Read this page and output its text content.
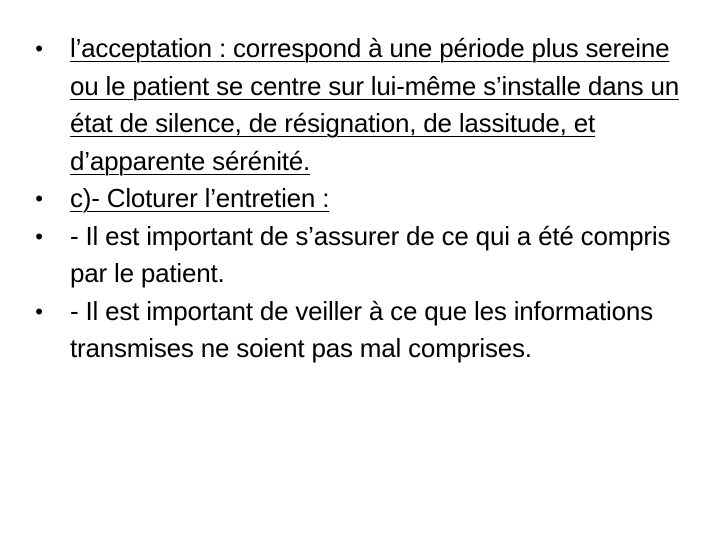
• l’acceptation : correspond à une période plus sereine ou le patient se centre sur lui-même s’installe dans un état de silence, de résignation, de lassitude, et d’apparente sérénité.
• c)- Cloturer l’entretien :
• - Il est important de s’assurer de ce qui a été compris par le patient.
• - Il est important de veiller à ce que les informations transmises ne soient pas mal comprises.
